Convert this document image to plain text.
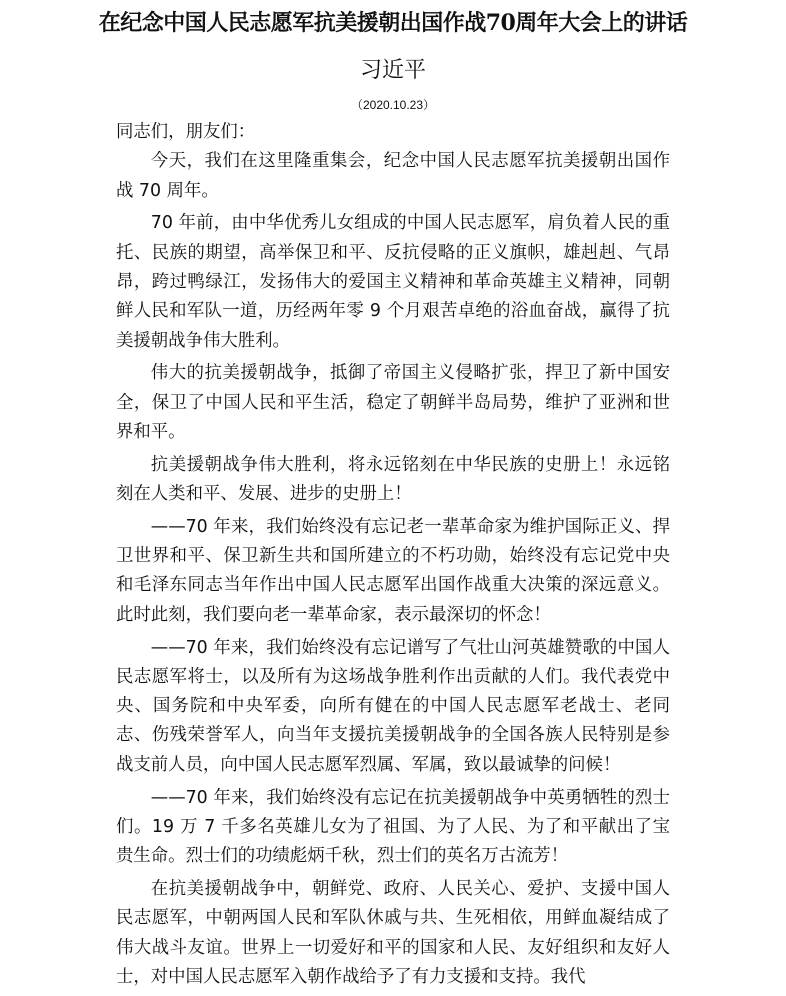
在纪念中国人民志愿军抗美援朝出国作战70周年大会上的讲话
习近平
（2020.10.23）

同志们，朋友们：

今天，我们在这里隆重集会，纪念中国人民志愿军抗美援朝出国作战 70 周年。

70 年前，由中华优秀儿女组成的中国人民志愿军，肩负着人民的重托、民族的期望，高举保卫和平、反抗侵略的正义旗帜，雄赳赳、气昂昂，跨过鸭绿江，发扬伟大的爱国主义精神和革命英雄主义精神，同朝鲜人民和军队一道，历经两年零 9 个月艰苦卓绝的浴血奋战，赢得了抗美援朝战争伟大胜利。

伟大的抗美援朝战争，抵御了帝国主义侵略扩张，捍卫了新中国安全，保卫了中国人民和平生活，稳定了朝鲜半岛局势，维护了亚洲和世界和平。

抗美援朝战争伟大胜利，将永远铭刻在中华民族的史册上！永远铭刻在人类和平、发展、进步的史册上！

——70 年来，我们始终没有忘记老一辈革命家为维护国际正义、捍卫世界和平、保卫新生共和国所建立的不朽功勋，始终没有忘记党中央和毛泽东同志当年作出中国人民志愿军出国作战重大决策的深远意义。此时此刻，我们要向老一辈革命家，表示最深切的怀念！

——70 年来，我们始终没有忘记谱写了气壮山河英雄赞歌的中国人民志愿军将士，以及所有为这场战争胜利作出贡献的人们。我代表党中央、国务院和中央军委，向所有健在的中国人民志愿军老战士、老同志、伤残荣誉军人，向当年支援抗美援朝战争的全国各族人民特别是参战支前人员，向中国人民志愿军烈属、军属，致以最诚挚的问候！

——70 年来，我们始终没有忘记在抗美援朝战争中英勇牺牲的烈士们。19 万 7 千多名英雄儿女为了祖国、为了人民、为了和平献出了宝贵生命。烈士们的功绩彪炳千秋，烈士们的英名万古流芳！

在抗美援朝战争中，朝鲜党、政府、人民关心、爱护、支援中国人民志愿军，中朝两国人民和军队休戚与共、生死相依，用鲜血凝结成了伟大战斗友谊。世界上一切爱好和平的国家和人民、友好组织和友好人士，对中国人民志愿军入朝作战给予了有力支援和支持。我代
